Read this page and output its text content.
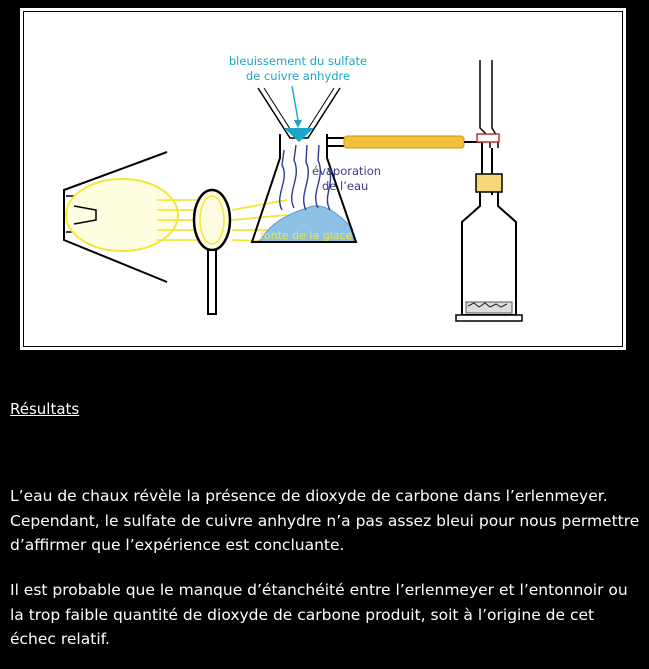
bleuissement du sulfate
de cuivre anhydre
évaporation
de l’eau
fonte de la glace
Résultats
L’eau de chaux révèle la présence de dioxyde de carbone dans l’erlenmeyer. Cependant, le sulfate de cuivre anhydre n’a pas assez bleui pour nous permettre d’affirmer que l’expérience est concluante.
Il est probable que le manque d’étanchéité entre l’erlenmeyer et l’entonnoir ou la trop faible quantité de dioxyde de carbone produit, soit à l’origine de cet échec relatif.
